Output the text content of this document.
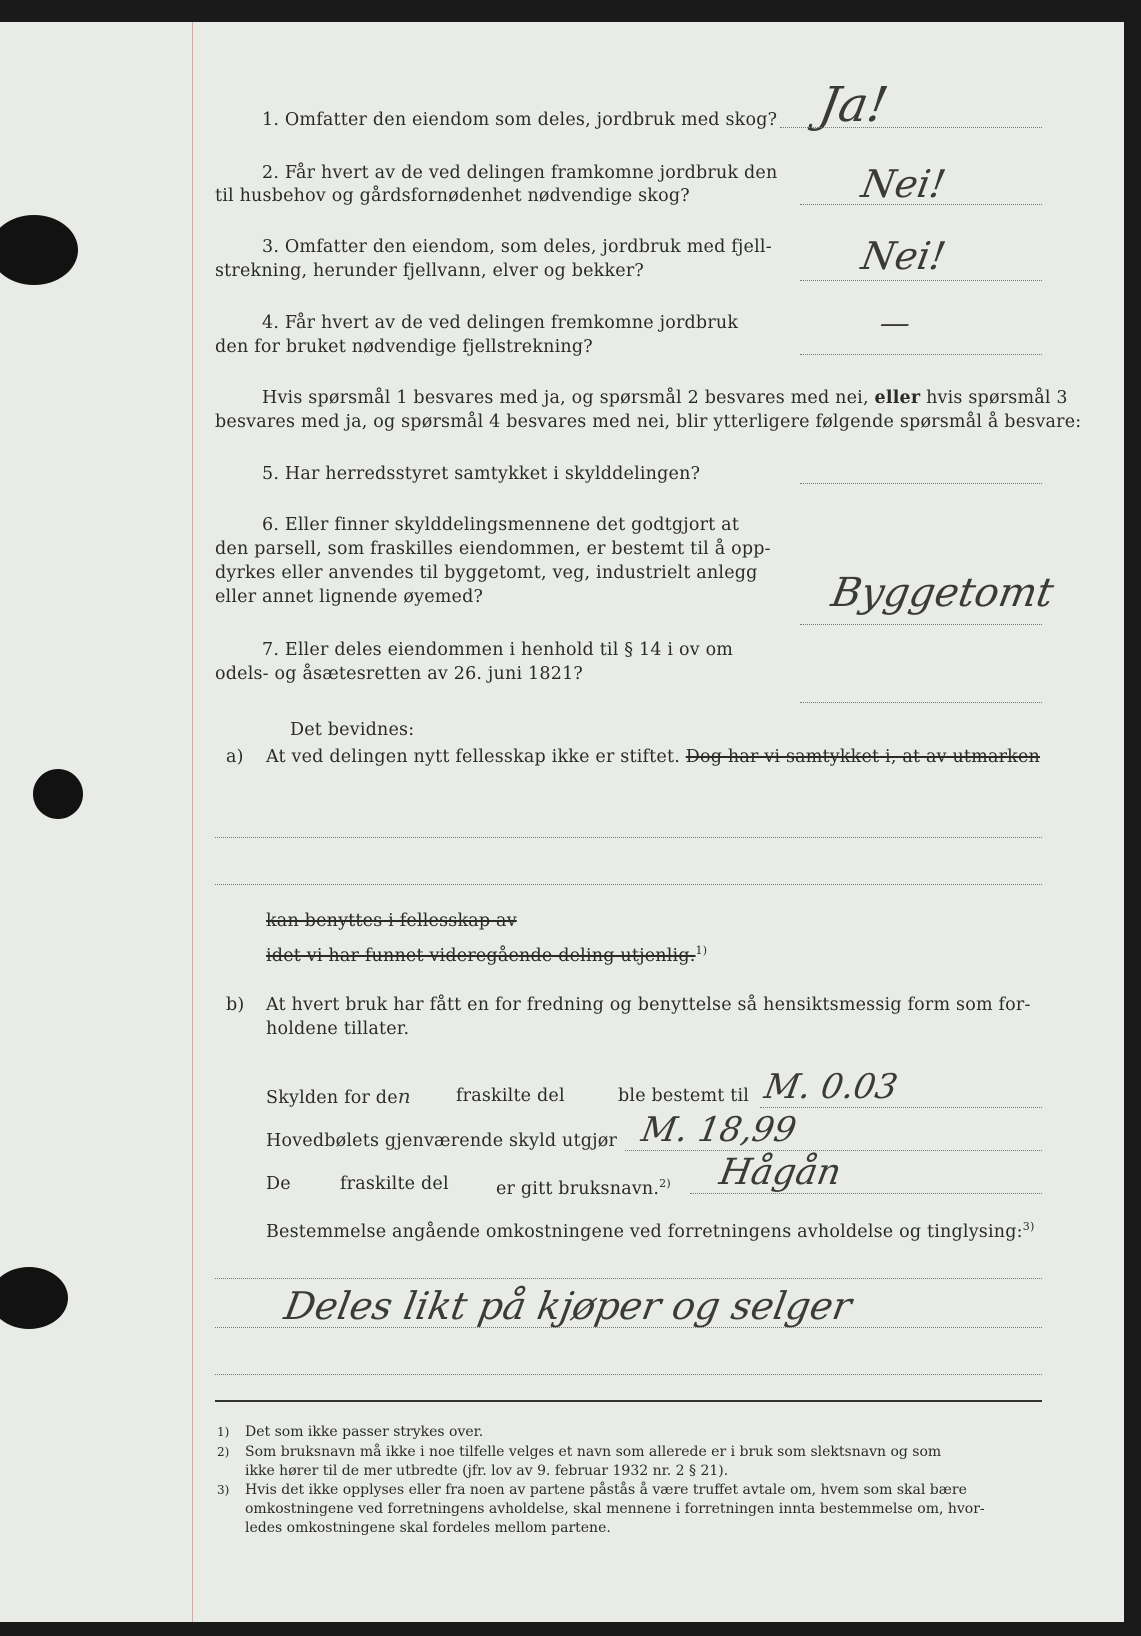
1. Omfatter den eiendom som deles, jordbruk med skog? Ja!
2. Får hvert av de ved delingen framkomne jordbruk den
til husbehov og gårdsfornødenhet nødvendige skog?	Nei!
3. Omfatter den eiendom, som deles, jordbruk med fjell-
strekning, herunder fjellvann, elver og bekker?	Nei!
4. Får hvert av de ved delingen fremkomne jordbruk
den for bruket nødvendige fjellstrekning?
—
Hvis spørsmål 1 besvares med ja, og spørsmål 2 besvares med nei, eller hvis spørsmål 3
besvares med ja, og spørsmål 4 besvares med nei, blir ytterligere følgende spørsmål å besvare:
5. Har herredsstyret samtykket i skylddelingen?
6. Eller finner skylddelingsmennene det godtgjort at
den parsell, som fraskilles eiendommen, er bestemt til å opp-
dyrkes eller anvendes til byggetomt, veg, industrielt anlegg
eller annet lignende øyemed?	Byggetomt
7. Eller deles eiendommen i henhold til § 14 i ov om
odels- og åsætesretten av 26. juni 1821?
Det bevidnes:
a) At ved delingen nytt fellesskap ikke er stiftet. Dog har vi samtykket i, at av utmarken
kan benyttes i fellesskap av
idet vi har funnet videregående deling utjenlig.$^{1)}$
b) At hvert bruk har fått en for fredning og benyttelse så hensiktsmessig form som for-
holdene tillater.
Skylden for den	fraskilte del	ble bestemt til M. 0.03
Hovedbølets gjenværende skyld utgjør M. 18,99
De	fraskilte del	er gitt bruksnavn.$^{2)}$ Hågån
Bestemmelse angående omkostningene ved forretningens avholdelse og tinglysing:$^{3)}$
Deles likt på kjøper og selger
1) Det som ikke passer strykes over.
2) Som bruksnavn må ikke i noe tilfelle velges et navn som allerede er i bruk som slektsnavn og som
ikke hører til de mer utbredte (jfr. lov av 9. februar 1932 nr. 2 § 21).
3) Hvis det ikke opplyses eller fra noen av partene påstås å være truffet avtale om, hvem som skal bære
omkostningene ved forretningens avholdelse, skal mennene i forretningen innta bestemmelse om, hvor-
ledes omkostningene skal fordeles mellom partene.
